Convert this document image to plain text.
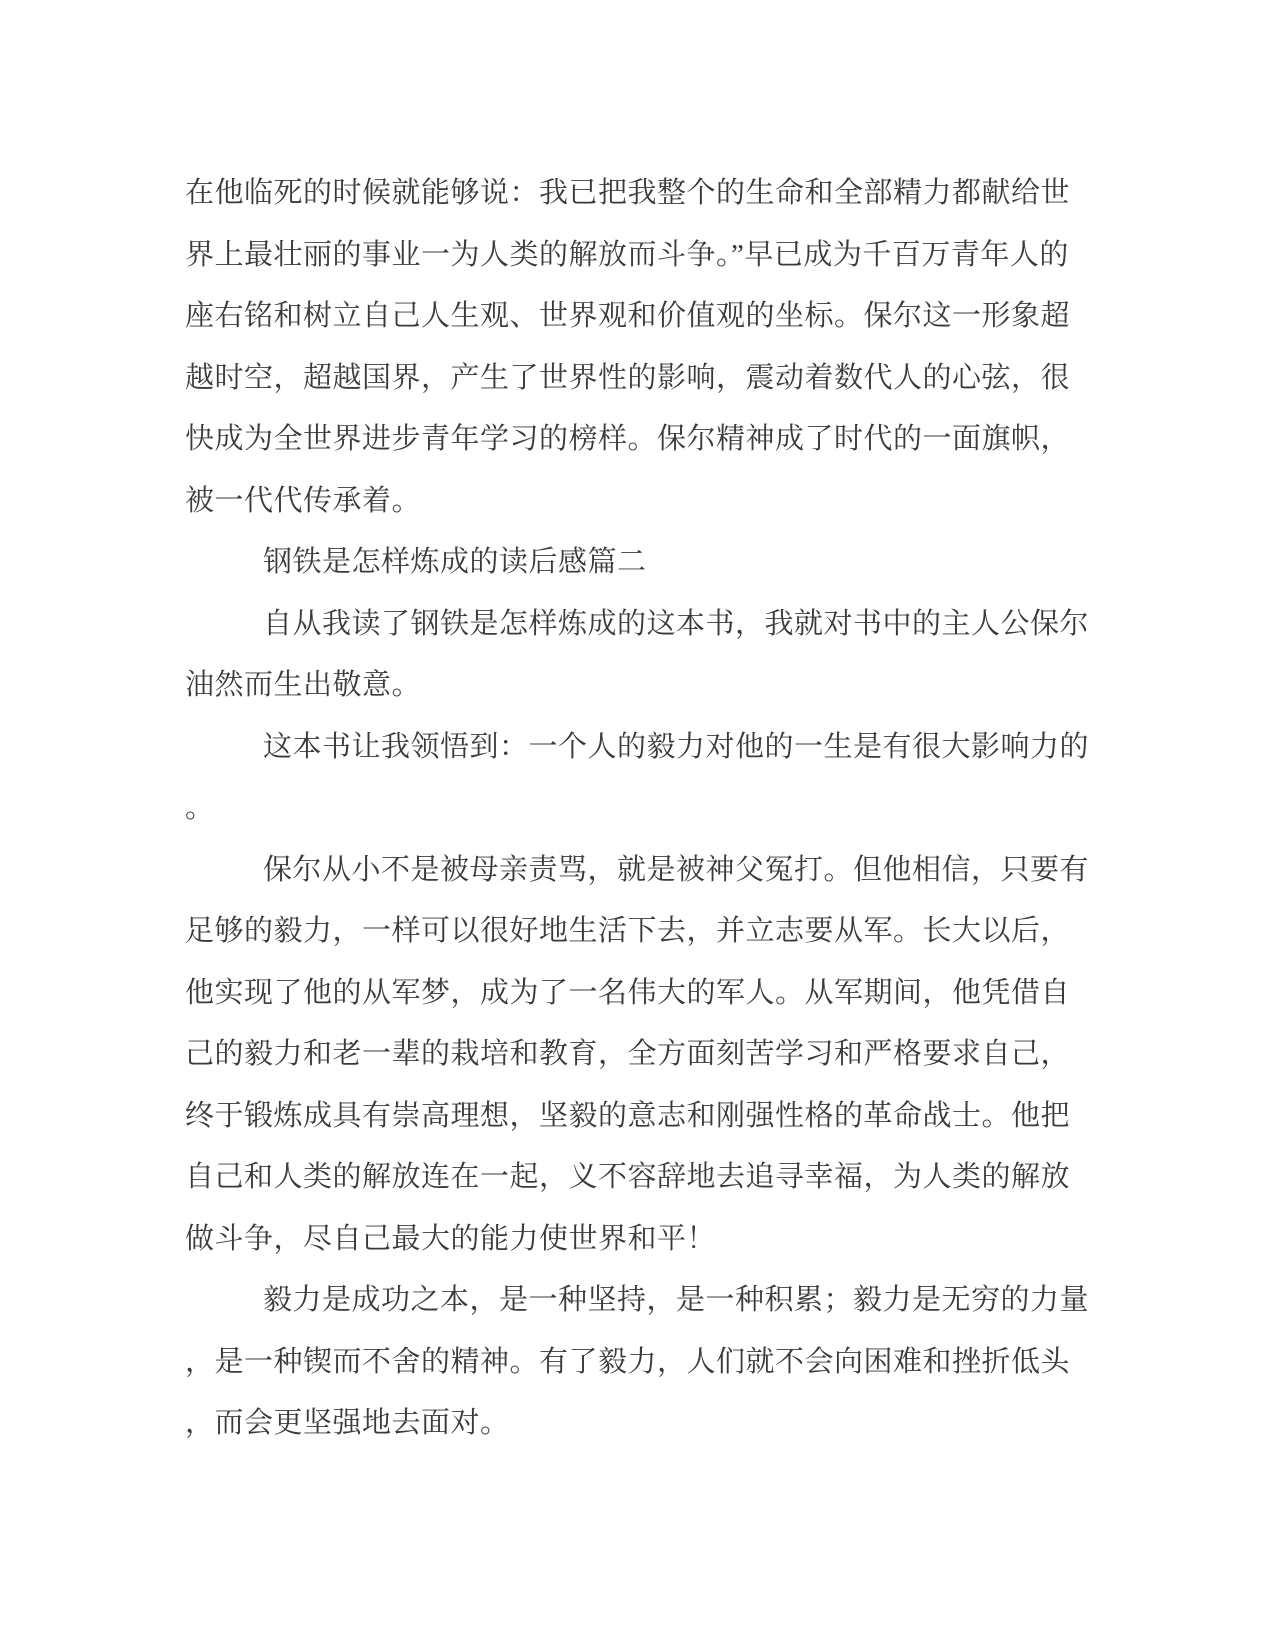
在他临死的时候就能够说：我已把我整个的生命和全部精力都献给世
界上最壮丽的事业一为人类的解放而斗争。”早已成为千百万青年人的
座右铭和树立自己人生观、世界观和价值观的坐标。保尔这一形象超
越时空，超越国界，产生了世界性的影响，震动着数代人的心弦，很
快成为全世界进步青年学习的榜样。保尔精神成了时代的一面旗帜，
被一代代传承着。
钢铁是怎样炼成的读后感篇二
自从我读了钢铁是怎样炼成的这本书，我就对书中的主人公保尔
油然而生出敬意。
这本书让我领悟到：一个人的毅力对他的一生是有很大影响力的
。
保尔从小不是被母亲责骂，就是被神父冤打。但他相信，只要有
足够的毅力，一样可以很好地生活下去，并立志要从军。长大以后，
他实现了他的从军梦，成为了一名伟大的军人。从军期间，他凭借自
己的毅力和老一辈的栽培和教育，全方面刻苦学习和严格要求自己，
终于锻炼成具有崇高理想，坚毅的意志和刚强性格的革命战士。他把
自己和人类的解放连在一起，义不容辞地去追寻幸福，为人类的解放
做斗争，尽自己最大的能力使世界和平！
毅力是成功之本，是一种坚持，是一种积累；毅力是无穷的力量
，是一种锲而不舍的精神。有了毅力，人们就不会向困难和挫折低头
，而会更坚强地去面对。
